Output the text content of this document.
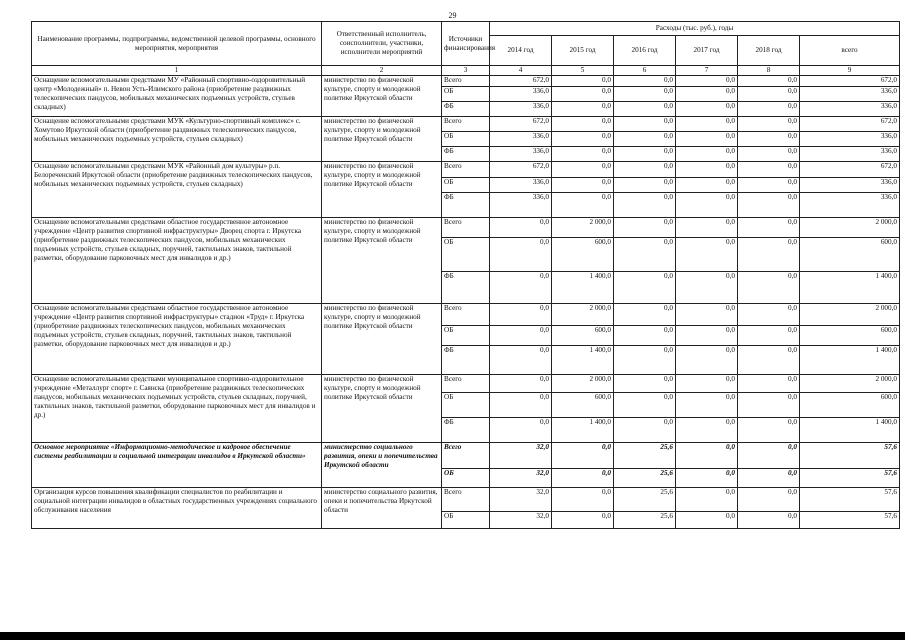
29
Наименование программы, подпрограммы, ведомственной целевой программы, основного мероприятия, мероприятия	Ответственный исполнитель, соисполнители, участники, исполнители мероприятий	Источники финансирования	Расходы (тыс. руб.), годы					
			2014 год	2015 год	2016 год	2017 год	2018 год	всего
1	2	3	4	5	6	7	8	9
Оснащение вспомогательными средствами МУ «Районный спортивно-оздоровительный центр «Молодежный» п. Невон Усть-Илимского района (приобретение раздвижных телескопических пандусов, мобильных механических подъемных устройств, стульев складных)	министерство по физической культуре, спорту и молодежной политике Иркутской области	Всего	672,0	0,0	0,0	0,0	0,0	672,0
		ОБ	336,0	0,0	0,0	0,0	0,0	336,0
		ФБ	336,0	0,0	0,0	0,0	0,0	336,0
Оснащение вспомогательными средствами МУК «Культурно-спортивный комплекс» с. Хомутово Иркутской области (приобретение раздвижных телескопических пандусов, мобильных механических подъемных устройств, стульев складных)	министерство по физической культуре, спорту и молодежной политике Иркутской области	Всего	672,0	0,0	0,0	0,0	0,0	672,0
		ОБ	336,0	0,0	0,0	0,0	0,0	336,0
		ФБ	336,0	0,0	0,0	0,0	0,0	336,0
Оснащение вспомогательными средствами МУК «Районный дом культуры» р.п. Белореченский Иркутской области (приобретение раздвижных телескопических пандусов, мобильных механических подъемных устройств, стульев складных)	министерство по физической культуре, спорту и молодежной политике Иркутской области	Всего	672,0	0,0	0,0	0,0	0,0	672,0
		ОБ	336,0	0,0	0,0	0,0	0,0	336,0
		ФБ	336,0	0,0	0,0	0,0	0,0	336,0
Оснащение вспомогательными средствами областное государственное автономное учреждение «Центр развития спортивной инфраструктуры» Дворец спорта г. Иркутска (приобретение раздвижных телескопических пандусов, мобильных механических подъемных устройств, стульев складных, поручней, тактильных знаков, тактильной разметки, оборудование парковочных мест для инвалидов и др.)	министерство по физической культуре, спорту и молодежной политике Иркутской области	Всего	0,0	2 000,0	0,0	0,0	0,0	2 000,0
		ОБ	0,0	600,0	0,0	0,0	0,0	600,0
		ФБ	0,0	1 400,0	0,0	0,0	0,0	1 400,0
Оснащение вспомогательными средствами областное государственное автономное учреждение «Центр развития спортивной инфраструктуры» стадион «Труд» г. Иркутска (приобретение раздвижных телескопических пандусов, мобильных механических подъемных устройств, стульев складных, поручней, тактильных знаков, тактильной разметки, оборудование парковочных мест для инвалидов и др.)	министерство по физической культуре, спорту и молодежной политике Иркутской области	Всего	0,0	2 000,0	0,0	0,0	0,0	2 000,0
		ОБ	0,0	600,0	0,0	0,0	0,0	600,0
		ФБ	0,0	1 400,0	0,0	0,0	0,0	1 400,0
Оснащение вспомогательными средствами муниципальное спортивно-оздоровительное учреждение «Металлург спорт» г. Саянска (приобретение раздвижных телескопических пандусов, мобильных механических подъемных устройств, стульев складных, поручней, тактильных знаков, тактильной разметки, оборудование парковочных мест для инвалидов и др.)	министерство по физической культуре, спорту и молодежной политике Иркутской области	Всего	0,0	2 000,0	0,0	0,0	0,0	2 000,0
		ОБ	0,0	600,0	0,0	0,0	0,0	600,0
		ФБ	0,0	1 400,0	0,0	0,0	0,0	1 400,0
Основное мероприятие «Информационно-методическое и кадровое обеспечение системы реабилитации и социальной интеграции инвалидов в Иркутской области»	министерство социального развития, опеки и попечительства Иркутской области	Всего	32,0	0,0	25,6	0,0	0,0	57,6
		ОБ	32,0	0,0	25,6	0,0	0,0	57,6
Организация курсов повышения квалификации специалистов по реабилитации и социальной интеграции инвалидов в областных государственных учреждениях социального обслуживания населения	министерство социального развития, опеки и попечительства Иркутской области	Всего	32,0	0,0	25,6	0,0	0,0	57,6
		ОБ	32,0	0,0	25,6	0,0	0,0	57,6
